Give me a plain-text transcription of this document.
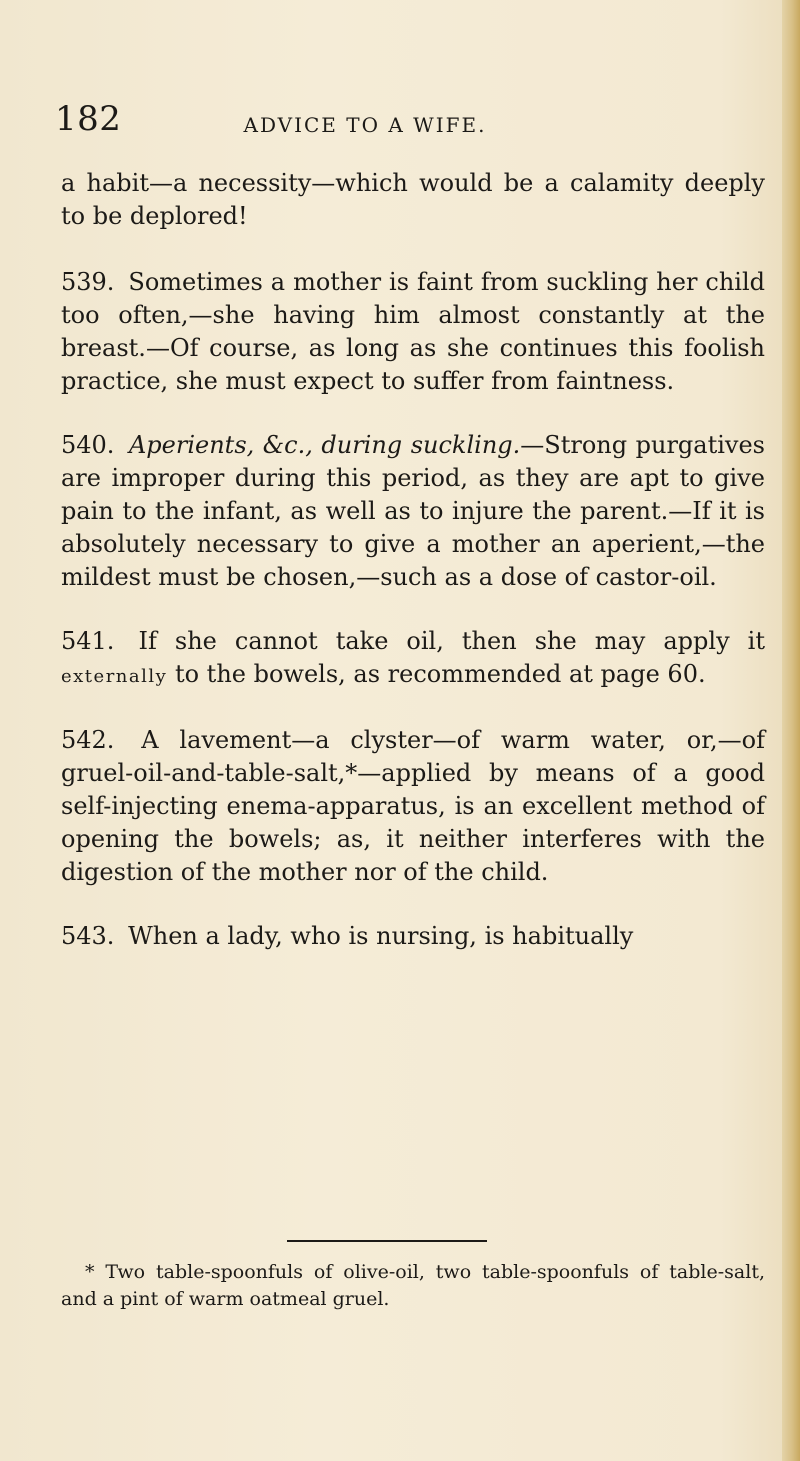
182	ADVICE TO A WIFE.

a habit—a necessity—which would be a calamity deeply to be deplored!

539. Sometimes a mother is faint from suckling her child too often,—she having him almost constantly at the breast.—Of course, as long as she continues this foolish practice, she must expect to suffer from faintness.

540. Aperients, &c., during suckling.—Strong purgatives are improper during this period, as they are apt to give pain to the infant, as well as to injure the parent.—If it is absolutely necessary to give a mother an aperient,—the mildest must be chosen,—such as a dose of castor-oil.

541. If she cannot take oil, then she may apply it externally to the bowels, as recommended at page 60.

542. A lavement—a clyster—of warm water, or,—of gruel-oil-and-table-salt,*—applied by means of a good self-injecting enema-apparatus, is an excellent method of opening the bowels; as, it neither interferes with the digestion of the mother nor of the child.

543. When a lady, who is nursing, is habitually

* Two table-spoonfuls of olive-oil, two table-spoonfuls of table-salt, and a pint of warm oatmeal gruel.
